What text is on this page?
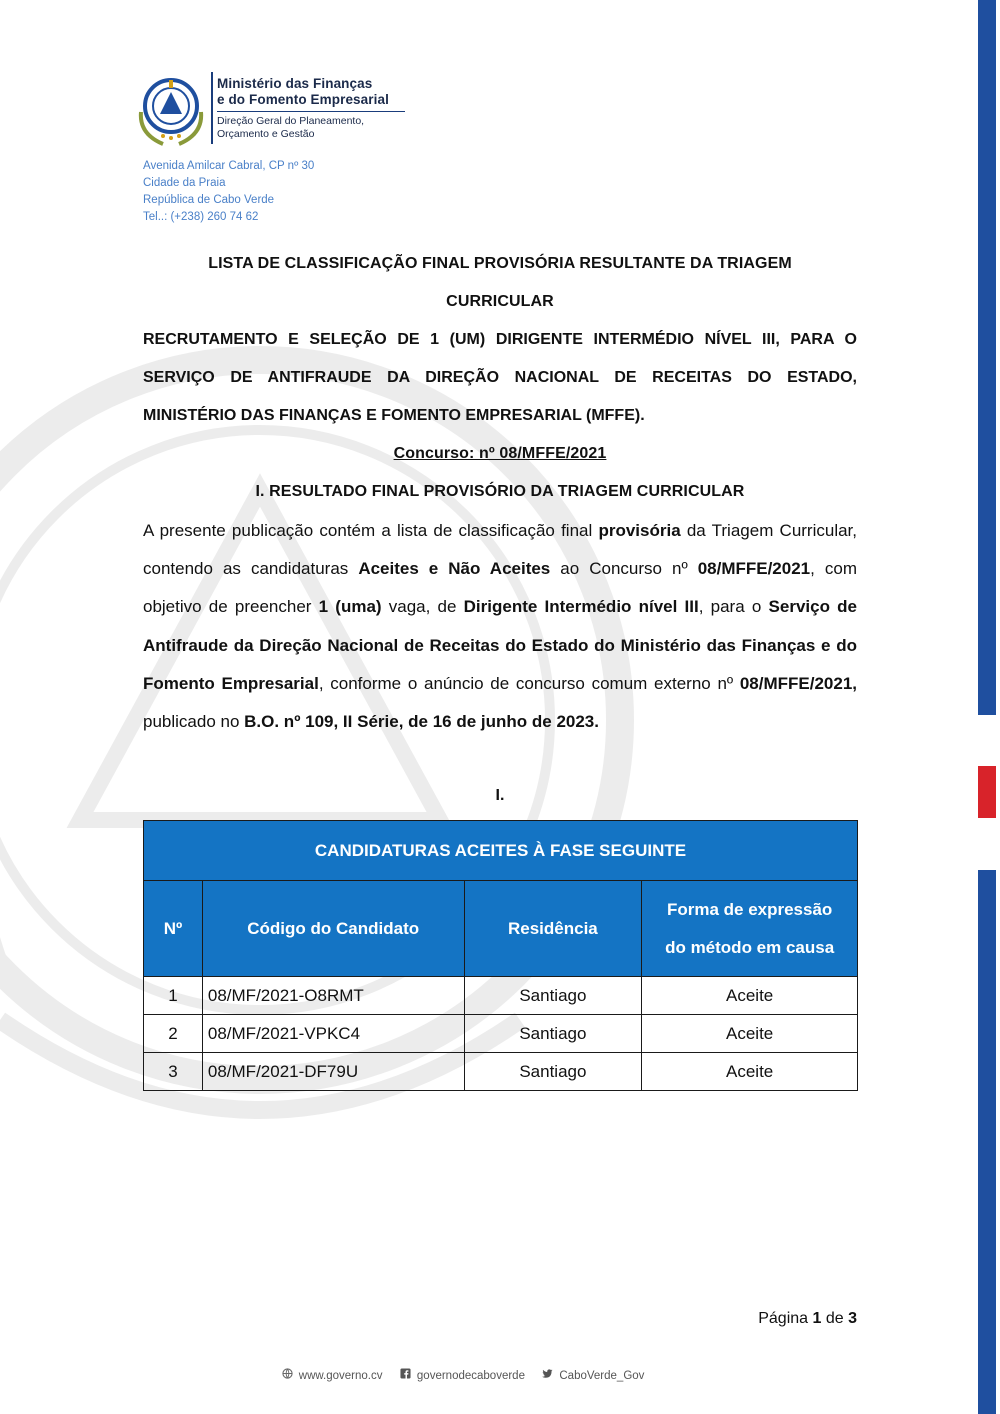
Ministério das Finanças
e do Fomento Empresarial
Direção Geral do Planeamento,
Orçamento e Gestão
Avenida Amilcar Cabral, CP nº 30
Cidade da Praia
República de Cabo Verde
Tel..: (+238) 260 74 62
LISTA DE CLASSIFICAÇÃO FINAL PROVISÓRIA RESULTANTE DA TRIAGEM
CURRICULAR
RECRUTAMENTO E SELEÇÃO DE 1 (UM) DIRIGENTE INTERMÉDIO NÍVEL III, PARA O
SERVIÇO DE ANTIFRAUDE DA DIREÇÃO NACIONAL DE RECEITAS DO ESTADO,
MINISTÉRIO DAS FINANÇAS E FOMENTO EMPRESARIAL (MFFE).
Concurso: nº 08/MFFE/2021
I. RESULTADO FINAL PROVISÓRIO DA TRIAGEM CURRICULAR
A presente publicação contém a lista de classificação final provisória da Triagem Curricular, contendo as candidaturas Aceites e Não Aceites ao Concurso nº 08/MFFE/2021, com objetivo de preencher 1 (uma) vaga, de Dirigente Intermédio nível III, para o Serviço de Antifraude da Direção Nacional de Receitas do Estado do Ministério das Finanças e do Fomento Empresarial, conforme o anúncio de concurso comum externo nº 08/MFFE/2021, publicado no B.O. nº 109, II Série, de 16 de junho de 2023.
I.
CANDIDATURAS ACEITES À FASE SEGUINTE			
Nº	Código do Candidato	Residência	Forma de expressão
do método em causa

1	08/MF/2021-O8RMT	Santiago	Aceite
2	08/MF/2021-VPKC4	Santiago	Aceite
3	08/MF/2021-DF79U	Santiago	Aceite
Página 1 de 3
www.governo.cv	governodecaboverde	CaboVerde_Gov
